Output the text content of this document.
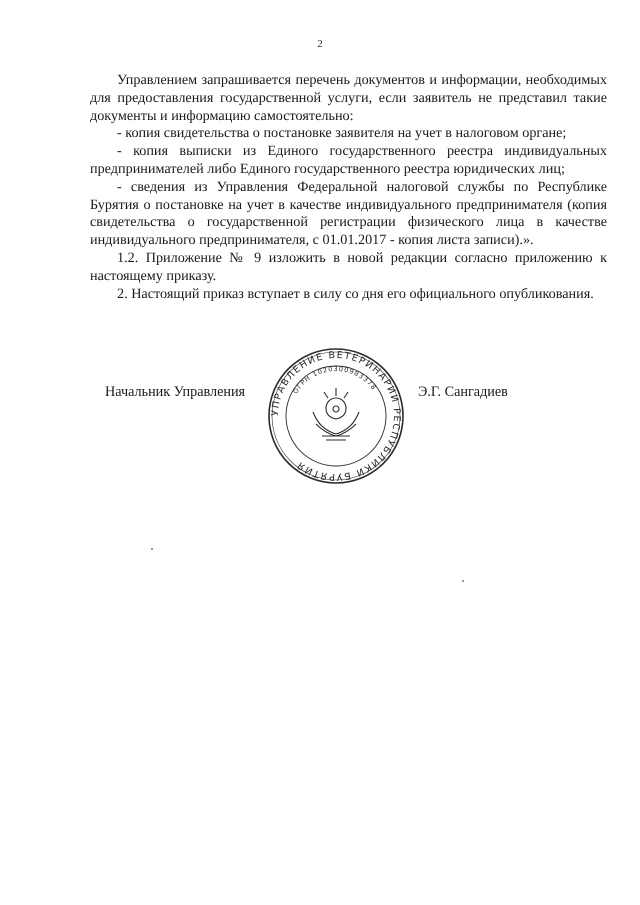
2

Управлением запрашивается перечень документов и информации, необходимых для предоставления государственной услуги, если заявитель не представил такие документы и информацию самостоятельно:

- копия свидетельства о постановке заявителя на учет в налоговом органе;

- копия выписки из Единого государственного реестра индивидуальных предпринимателей либо Единого государственного реестра юридических лиц;

- сведения из Управления Федеральной налоговой службы по Республике Бурятия о постановке на учет в качестве индивидуального предпринимателя (копия свидетельства о государственной регистрации физического лица в качестве индивидуального предпринимателя, с 01.01.2017 - копия листа записи).».

1.2. Приложение № 9 изложить в новой редакции согласно приложению к настоящему приказу.

2. Настоящий приказ вступает в силу со дня его официального опубликования.

Начальник Управления
УПРАВЛЕНИЕ ВЕТЕРИНАРИИ РЕСПУБЛИКИ БУРЯТИЯ
ОГРН 1020300983378	Э.Г. Сангадиев
